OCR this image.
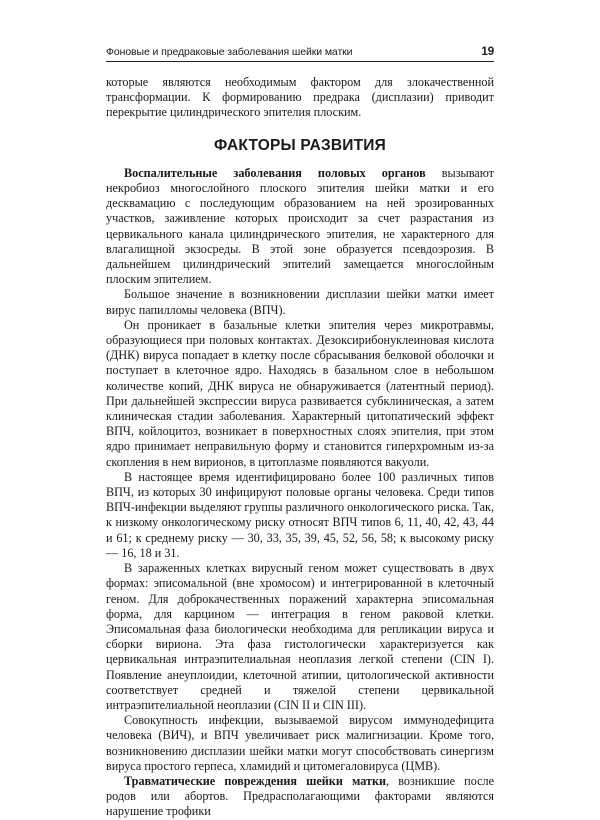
Фоновые и предраковые заболевания шейки матки	19

которые являются необходимым фактором для злокачественной трансформации. К формированию предрака (дисплазии) приводит перекрытие цилиндрического эпителия плоским.

ФАКТОРЫ РАЗВИТИЯ

Воспалительные заболевания половых органов вызывают некробиоз многослойного плоского эпителия шейки матки и его десквамацию с последующим образованием на ней эрозированных участков, заживление которых происходит за счет разрастания из цервикального канала цилиндрического эпителия, не характерного для влагалищной экзосреды. В этой зоне образуется псевдоэрозия. В дальнейшем цилиндрический эпителий замещается многослойным плоским эпителием.

Большое значение в возникновении дисплазии шейки матки имеет вирус папилломы человека (ВПЧ).

Он проникает в базальные клетки эпителия через микротравмы, образующиеся при половых контактах. Дезоксирибонуклеиновая кислота (ДНК) вируса попадает в клетку после сбрасывания белковой оболочки и поступает в клеточное ядро. Находясь в базальном слое в небольшом количестве копий, ДНК вируса не обнаруживается (латентный период). При дальнейшей экспрессии вируса развивается субклиническая, а затем клиническая стадии заболевания. Характерный цитопатический эффект ВПЧ, койлоцитоз, возникает в поверхностных слоях эпителия, при этом ядро принимает неправильную форму и становится гиперхромным из-за скопления в нем вирионов, в цитоплазме появляются вакуоли.

В настоящее время идентифицировано более 100 различных типов ВПЧ, из которых 30 инфицируют половые органы человека. Среди типов ВПЧ-инфекции выделяют группы различного онкологического риска. Так, к низкому онкологическому риску относят ВПЧ типов 6, 11, 40, 42, 43, 44 и 61; к среднему риску — 30, 33, 35, 39, 45, 52, 56, 58; к высокому риску — 16, 18 и 31.

В зараженных клетках вирусный геном может существовать в двух формах: эписомальной (вне хромосом) и интегрированной в клеточный геном. Для доброкачественных поражений характерна эписомальная форма, для карцином — интеграция в геном раковой клетки. Эписомальная фаза биологически необходима для репликации вируса и сборки вириона. Эта фаза гистологически характеризуется как цервикальная интраэпителиальная неоплазия легкой степени (CIN I). Появление анеуплоидии, клеточной атипии, цитологической активности соответствует средней и тяжелой степени цервикальной интраэпителиальной неоплазии (CIN II и CIN III).

Совокупность инфекции, вызываемой вирусом иммунодефицита человека (ВИЧ), и ВПЧ увеличивает риск малигнизации. Кроме того, возникновению дисплазии шейки матки могут способствовать синергизм вируса простого герпеса, хламидий и цитомегаловируса (ЦМВ).

Травматические повреждения шейки матки, возникшие после родов или абортов. Предрасполагающими факторами являются нарушение трофики
